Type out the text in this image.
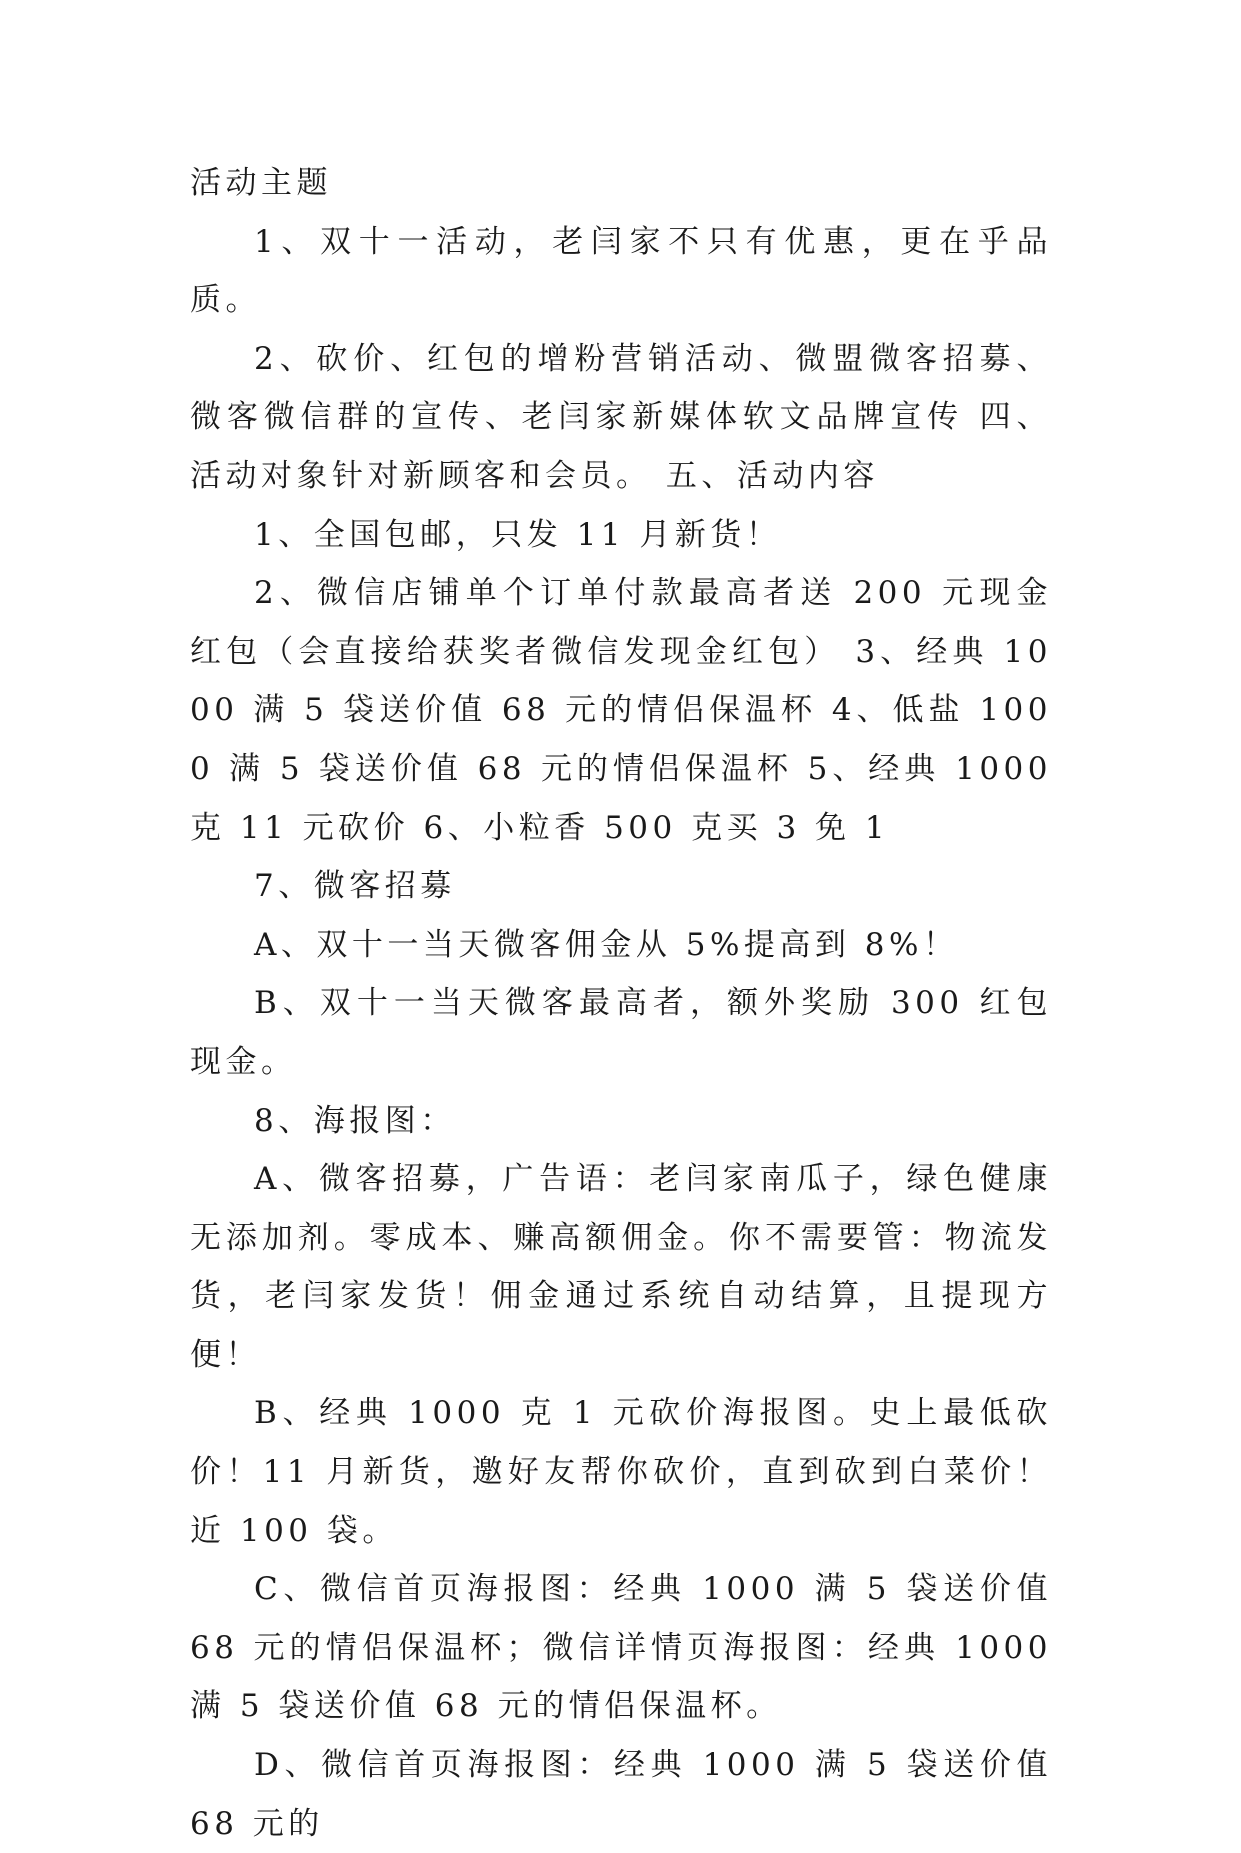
活动主题

1、双十一活动，老闫家不只有优惠，更在乎品质。

2、砍价、红包的增粉营销活动、微盟微客招募、微客微信群的宣传、老闫家新媒体软文品牌宣传 四、活动对象针对新顾客和会员。 五、活动内容

1、全国包邮，只发 11 月新货！

2、微信店铺单个订单付款最高者送 200 元现金红包（会直接给获奖者微信发现金红包） 3、经典 1000 满 5 袋送价值 68 元的情侣保温杯 4、低盐 1000 满 5 袋送价值 68 元的情侣保温杯 5、经典 1000 克 11 元砍价 6、小粒香 500 克买 3 免 1

7、微客招募

A、双十一当天微客佣金从 5%提高到 8%！

B、双十一当天微客最高者，额外奖励 300 红包现金。

8、海报图：

A、微客招募，广告语：老闫家南瓜子，绿色健康无添加剂。零成本、赚高额佣金。你不需要管：物流发货，老闫家发货！佣金通过系统自动结算，且提现方便！

B、经典 1000 克 1 元砍价海报图。史上最低砍价！11 月新货，邀好友帮你砍价，直到砍到白菜价！近 100 袋。

C、微信首页海报图：经典 1000 满 5 袋送价值 68 元的情侣保温杯；微信详情页海报图：经典 1000 满 5 袋送价值 68 元的情侣保温杯。

D、微信首页海报图：经典 1000 满 5 袋送价值 68 元的
